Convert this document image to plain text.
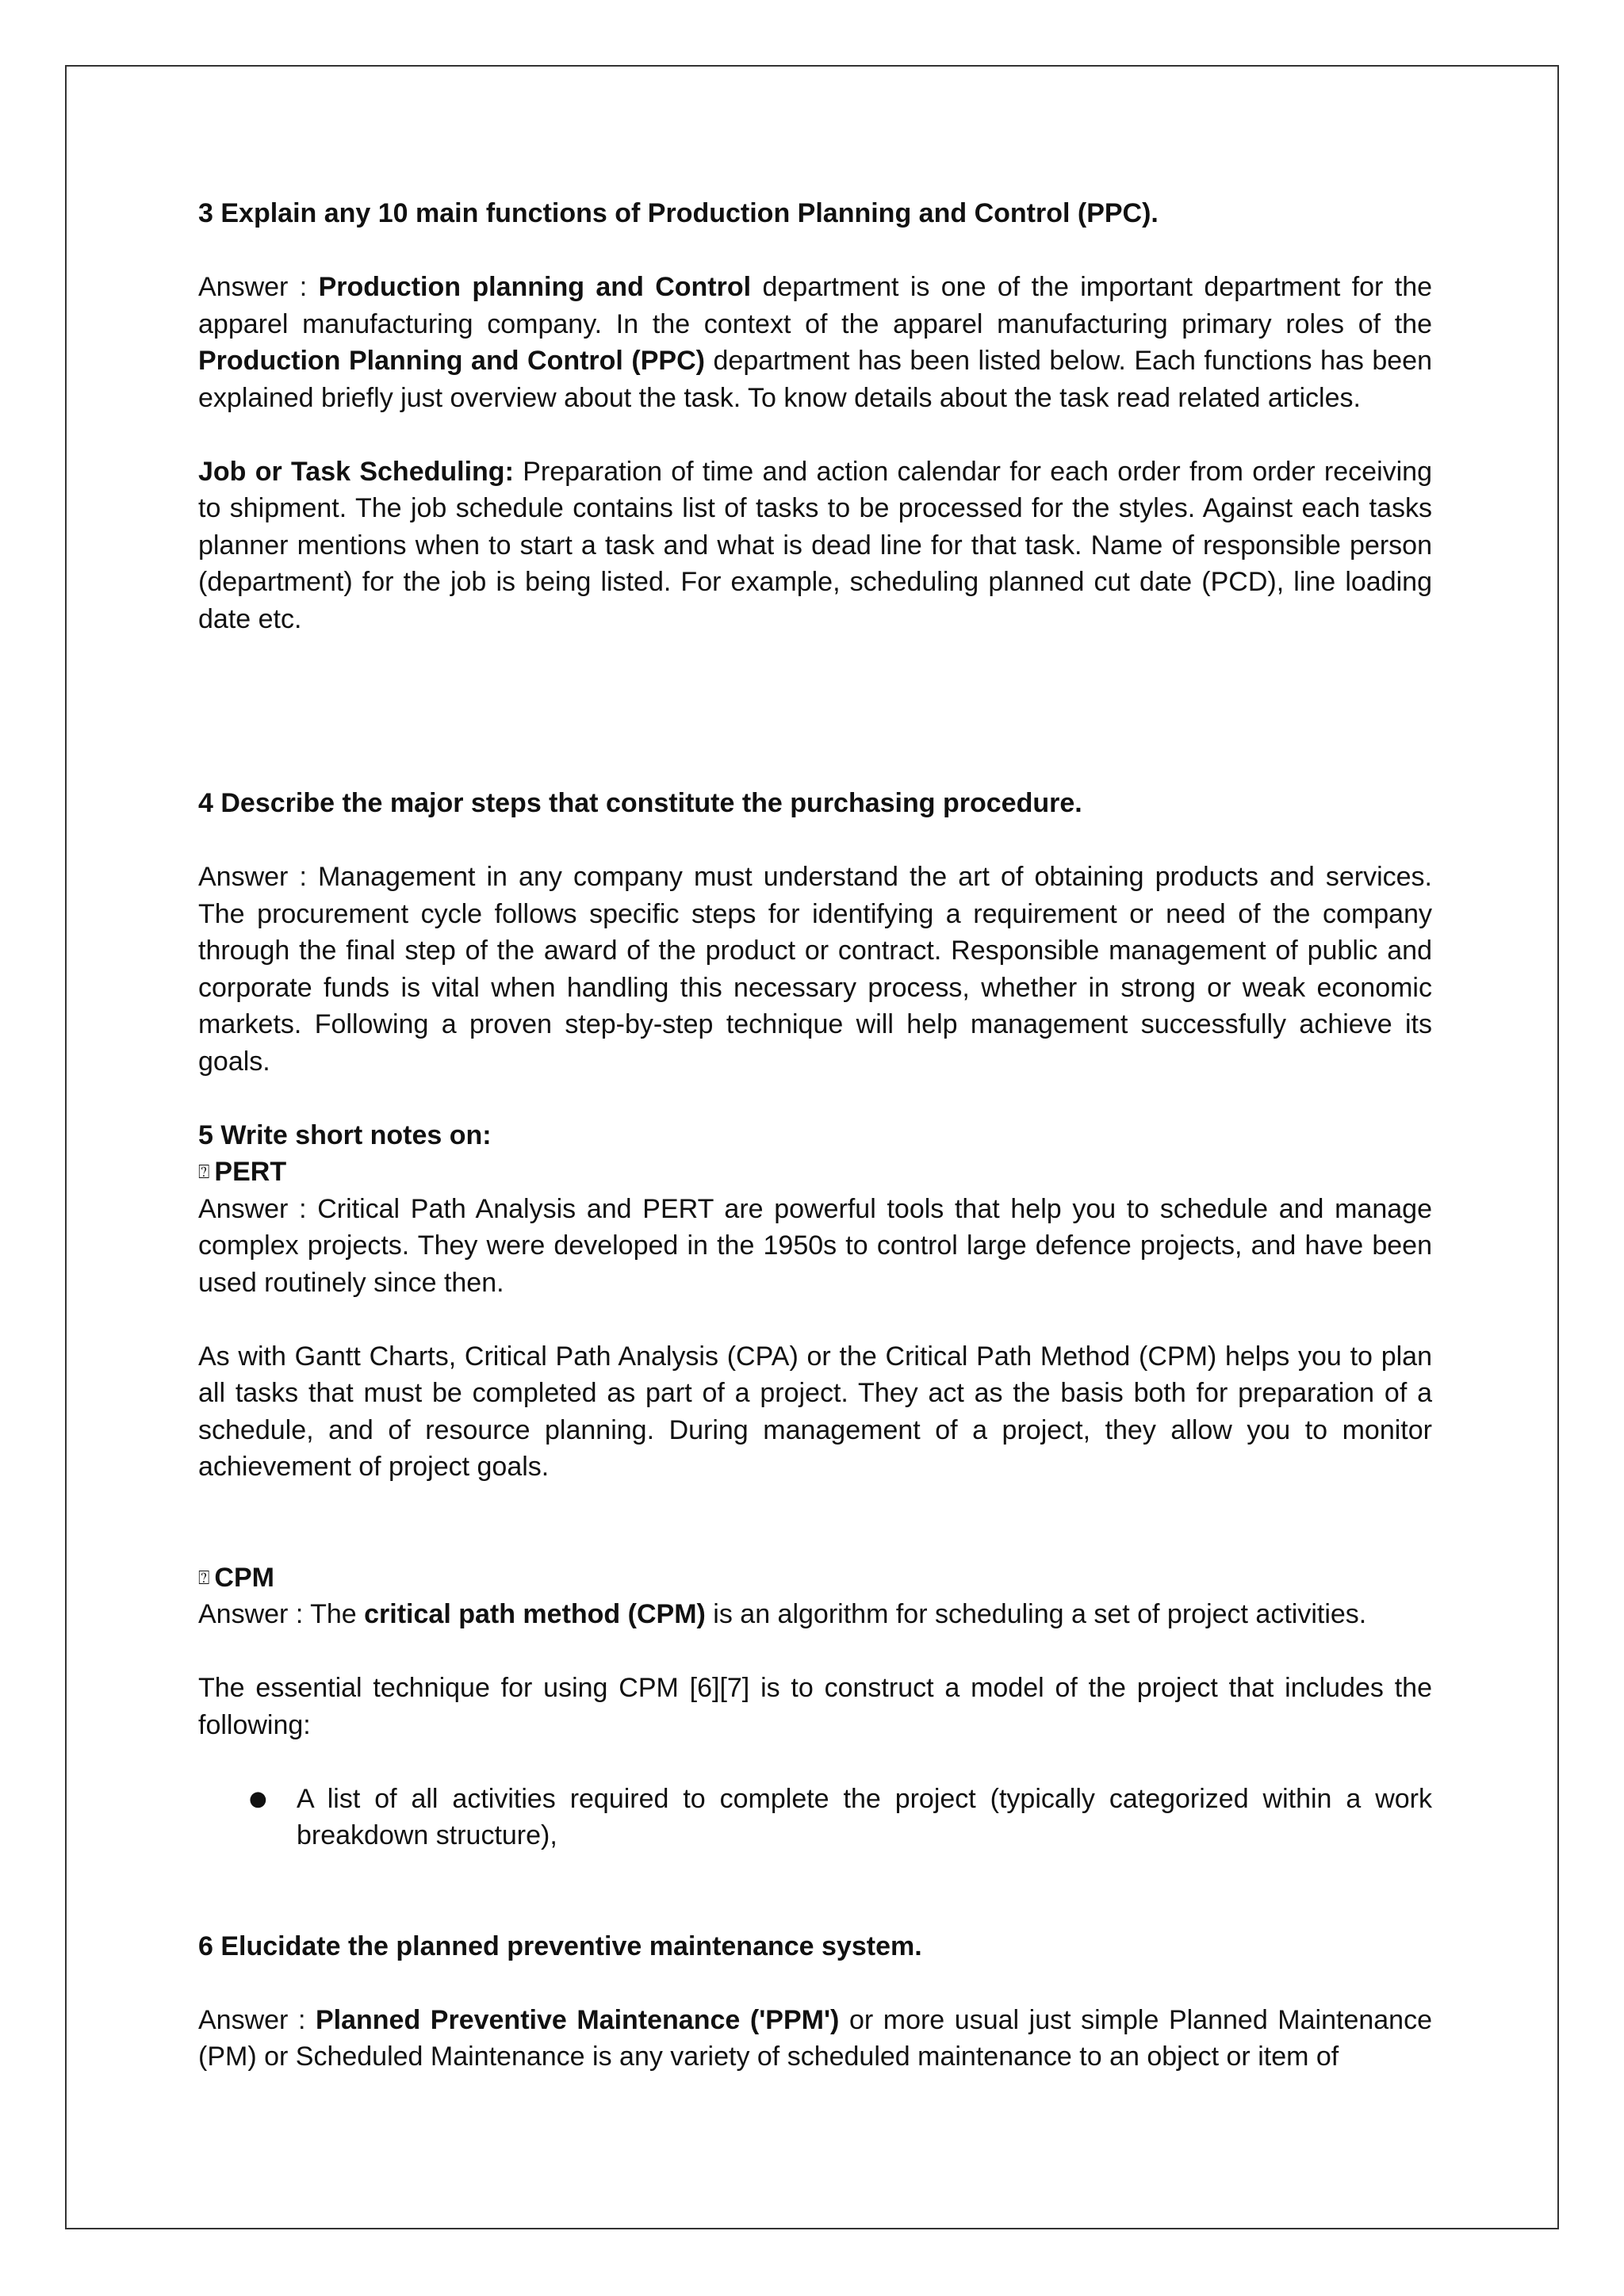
3 Explain any 10 main functions of Production Planning and Control (PPC).

Answer : Production planning and Control department is one of the important department for the apparel manufacturing company. In the context of the apparel manufacturing primary roles of the Production Planning and Control (PPC) department has been listed below. Each functions has been explained briefly just overview about the task. To know details about the task read related articles.

Job or Task Scheduling: Preparation of time and action calendar for each order from order receiving to shipment. The job schedule contains list of tasks to be processed for the styles. Against each tasks planner mentions when to start a task and what is dead line for that task. Name of responsible person (department) for the job is being listed. For example, scheduling planned cut date (PCD), line loading date etc.

4 Describe the major steps that constitute the purchasing procedure.

Answer : Management in any company must understand the art of obtaining products and services. The procurement cycle follows specific steps for identifying a requirement or need of the company through the final step of the award of the product or contract. Responsible management of public and corporate funds is vital when handling this necessary process, whether in strong or weak economic markets. Following a proven step-by-step technique will help management successfully achieve its goals.

5 Write short notes on:

⍰ PERT

Answer : Critical Path Analysis and PERT are powerful tools that help you to schedule and manage complex projects. They were developed in the 1950s to control large defence projects, and have been used routinely since then.

As with Gantt Charts, Critical Path Analysis (CPA) or the Critical Path Method (CPM) helps you to plan all tasks that must be completed as part of a project. They act as the basis both for preparation of a schedule, and of resource planning. During management of a project, they allow you to monitor achievement of project goals.

⍰ CPM

Answer : The critical path method (CPM) is an algorithm for scheduling a set of project activities.

The essential technique for using CPM [6][7] is to construct a model of the project that includes the following:

● A list of all activities required to complete the project (typically categorized within a work breakdown structure),

6 Elucidate the planned preventive maintenance system.

Answer : Planned Preventive Maintenance ('PPM') or more usual just simple Planned Maintenance (PM) or Scheduled Maintenance is any variety of scheduled maintenance to an object or item of
